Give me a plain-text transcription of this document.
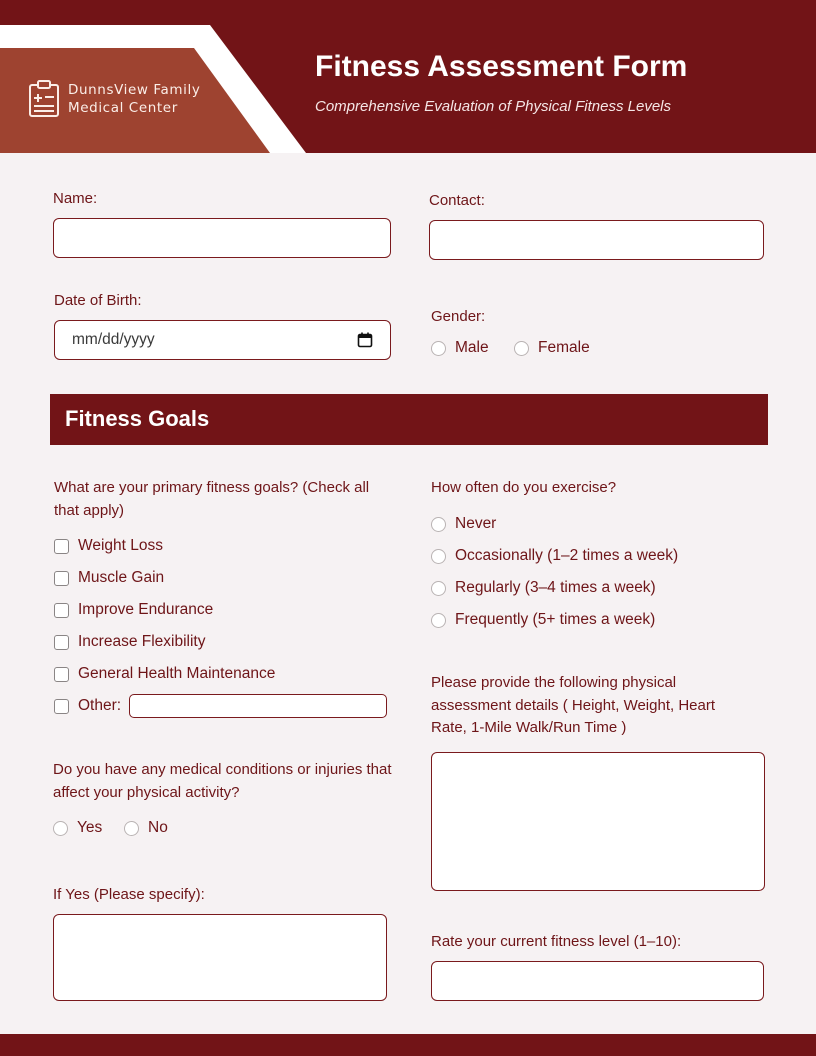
DunnsView Family
Medical Center
Fitness Assessment Form
Comprehensive Evaluation of Physical Fitness Levels
Name:	Contact:
Date of Birth:
mm/dd/yyyy
Gender:
Male	Female
Fitness Goals
What are your primary fitness goals? (Check all that apply)
Weight Loss
Muscle Gain
Improve Endurance
Increase Flexibility
General Health Maintenance
Other:
Do you have any medical conditions or injuries that affect your physical activity?
Yes	No
If Yes (Please specify):
How often do you exercise?
Never
Occasionally (1–2 times a week)
Regularly (3–4 times a week)
Frequently (5+ times a week)
Please provide the following physical assessment details ( Height, Weight, Heart Rate, 1-Mile Walk/Run Time )
Rate your current fitness level (1–10):
